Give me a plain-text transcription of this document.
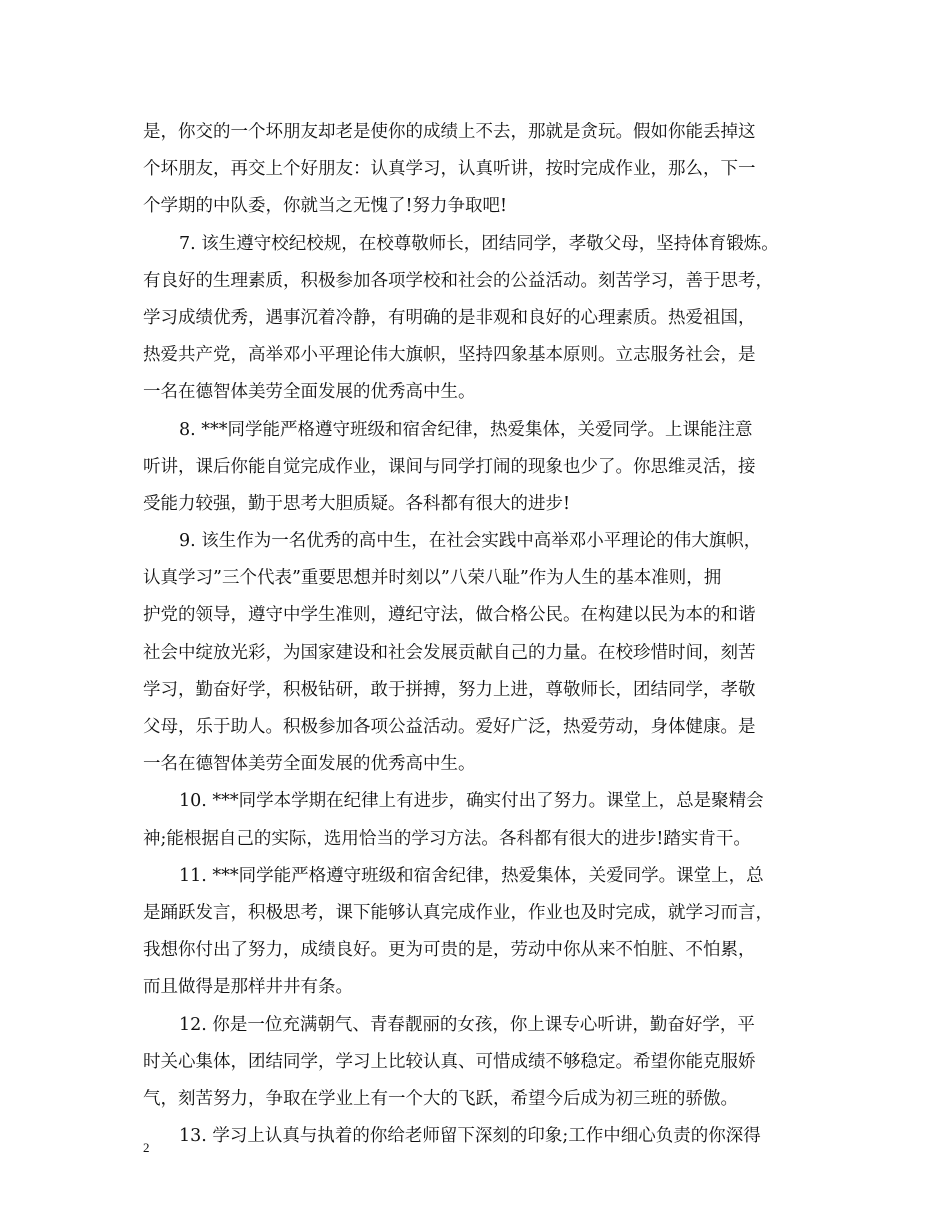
是，你交的一个坏朋友却老是使你的成绩上不去，那就是贪玩。假如你能丢掉这
个坏朋友，再交上个好朋友：认真学习，认真听讲，按时完成作业，那么，下一
个学期的中队委，你就当之无愧了!努力争取吧!
7. 该生遵守校纪校规，在校尊敬师长，团结同学，孝敬父母，坚持体育锻炼。
有良好的生理素质，积极参加各项学校和社会的公益活动。刻苦学习，善于思考，
学习成绩优秀，遇事沉着冷静，有明确的是非观和良好的心理素质。热爱祖国，
热爱共产党，高举邓小平理论伟大旗帜，坚持四象基本原则。立志服务社会，是
一名在德智体美劳全面发展的优秀高中生。
8. ***同学能严格遵守班级和宿舍纪律，热爱集体，关爱同学。上课能注意
听讲，课后你能自觉完成作业，课间与同学打闹的现象也少了。你思维灵活，接
受能力较强，勤于思考大胆质疑。各科都有很大的进步!
9. 该生作为一名优秀的高中生，在社会实践中高举邓小平理论的伟大旗帜，
认真学习”三个代表”重要思想并时刻以”八荣八耻”作为人生的基本准则，拥
护党的领导，遵守中学生准则，遵纪守法，做合格公民。在构建以民为本的和谐
社会中绽放光彩，为国家建设和社会发展贡献自己的力量。在校珍惜时间，刻苦
学习，勤奋好学，积极钻研，敢于拼搏，努力上进，尊敬师长，团结同学，孝敬
父母，乐于助人。积极参加各项公益活动。爱好广泛，热爱劳动，身体健康。是
一名在德智体美劳全面发展的优秀高中生。
10. ***同学本学期在纪律上有进步，确实付出了努力。课堂上，总是聚精会
神;能根据自己的实际，选用恰当的学习方法。各科都有很大的进步!踏实肯干。
11. ***同学能严格遵守班级和宿舍纪律，热爱集体，关爱同学。课堂上，总
是踊跃发言，积极思考，课下能够认真完成作业，作业也及时完成，就学习而言，
我想你付出了努力，成绩良好。更为可贵的是，劳动中你从来不怕脏、不怕累，
而且做得是那样井井有条。
12. 你是一位充满朝气、青春靓丽的女孩，你上课专心听讲，勤奋好学，平
时关心集体，团结同学，学习上比较认真、可惜成绩不够稳定。希望你能克服娇
气，刻苦努力，争取在学业上有一个大的飞跃，希望今后成为初三班的骄傲。
13. 学习上认真与执着的你给老师留下深刻的印象;工作中细心负责的你深得
2
